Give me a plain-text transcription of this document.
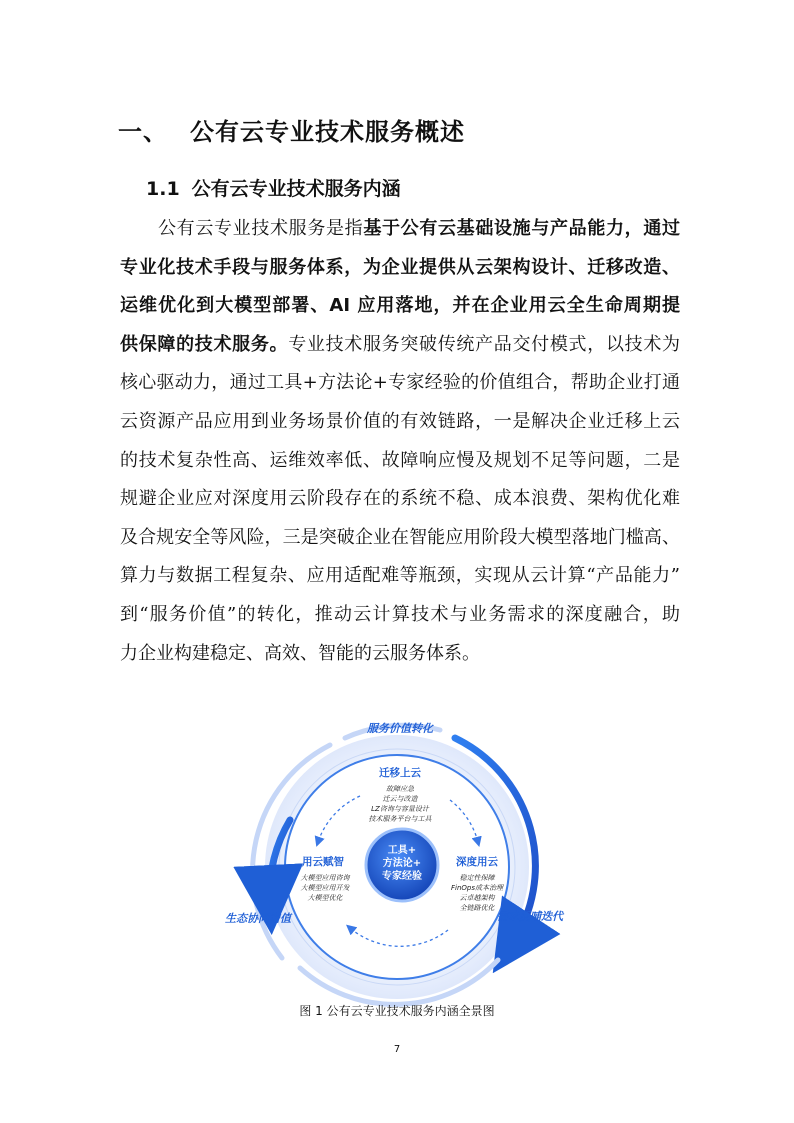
一、 公有云专业技术服务概述
1.1 公有云专业技术服务内涵
公有云专业技术服务是指基于公有云基础设施与产品能力，通过
专业化技术手段与服务体系，为企业提供从云架构设计、迁移改造、
运维优化到大模型部署、AI 应用落地，并在企业用云全生命周期提
供保障的技术服务。专业技术服务突破传统产品交付模式，以技术为
核心驱动力，通过工具+方法论+专家经验的价值组合，帮助企业打通
云资源产品应用到业务场景价值的有效链路，一是解决企业迁移上云
的技术复杂性高、运维效率低、故障响应慢及规划不足等问题，二是
规避企业应对深度用云阶段存在的系统不稳、成本浪费、架构优化难
及合规安全等风险，三是突破企业在智能应用阶段大模型落地门槛高、
算力与数据工程复杂、应用适配难等瓶颈，实现从云计算“产品能力”
到“服务价值”的转化，推动云计算技术与业务需求的深度融合，助
力企业构建稳定、高效、智能的云服务体系。
工具+
方法论+
专家经验
迁移上云
故障应急
迁云与改造
LZ咨询与容量设计
技术服务平台与工具
用云赋智
大模型应用咨询
大模型应用开发
大模型优化
深度用云
稳定性保障
FinOps成本治理
云卓越架构
全链路优化
服务价值转化
生态协同增值	需求反哺迭代
图 1 公有云专业技术服务内涵全景图
7
